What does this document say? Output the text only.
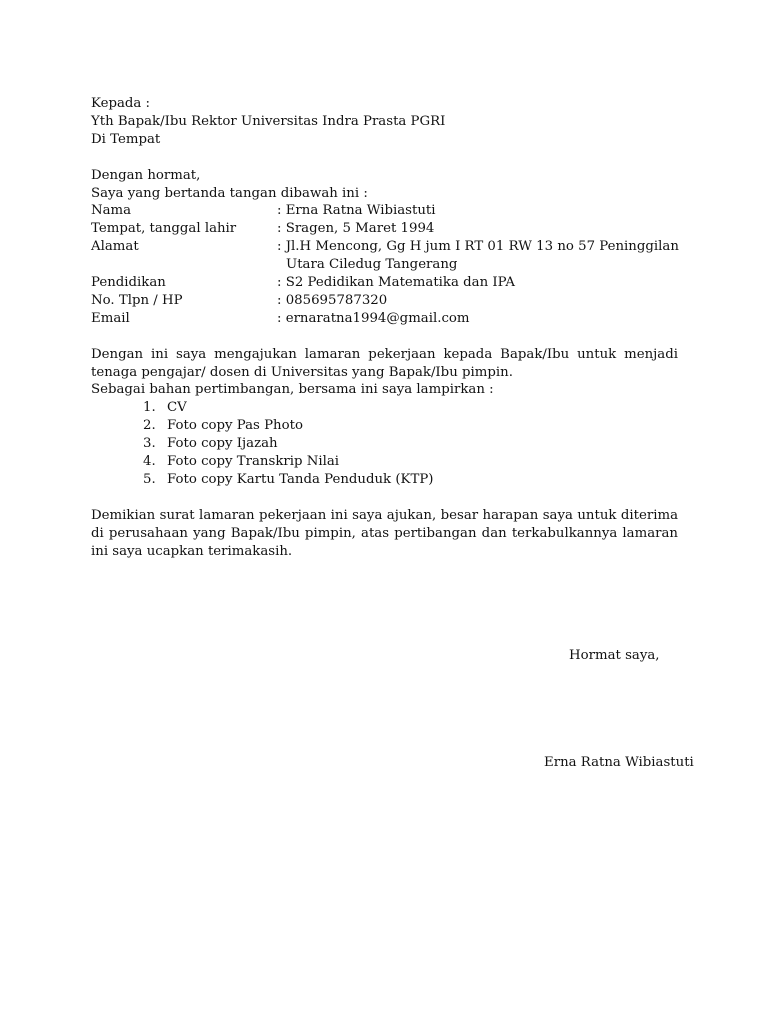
Kepada :
Yth Bapak/Ibu Rektor Universitas Indra Prasta PGRI
Di Tempat
Dengan hormat,
Saya yang bertanda tangan dibawah ini :
Nama	: Erna Ratna Wibiastuti
Tempat, tanggal lahir	: Sragen, 5 Maret 1994
Alamat	: Jl.H Mencong, Gg H jum I RT 01 RW 13 no 57 Peninggilan
Utara Ciledug Tangerang
Pendidikan	: S2 Pedidikan Matematika dan IPA
No. Tlpn / HP	: 085695787320
Email	: ernaratna1994@gmail.com
Dengan ini saya mengajukan lamaran pekerjaan kepada Bapak/Ibu untuk menjadi tenaga pengajar/ dosen di Universitas yang Bapak/Ibu pimpin.
Sebagai bahan pertimbangan, bersama ini saya lampirkan :
1. CV
2. Foto copy Pas Photo
3. Foto copy Ijazah
4. Foto copy Transkrip Nilai
5. Foto copy Kartu Tanda Penduduk (KTP)
Demikian surat lamaran pekerjaan ini saya ajukan, besar harapan saya untuk diterima di perusahaan yang Bapak/Ibu pimpin, atas pertibangan dan terkabulkannya lamaran ini saya ucapkan terimakasih.
Hormat saya,
Erna Ratna Wibiastuti
